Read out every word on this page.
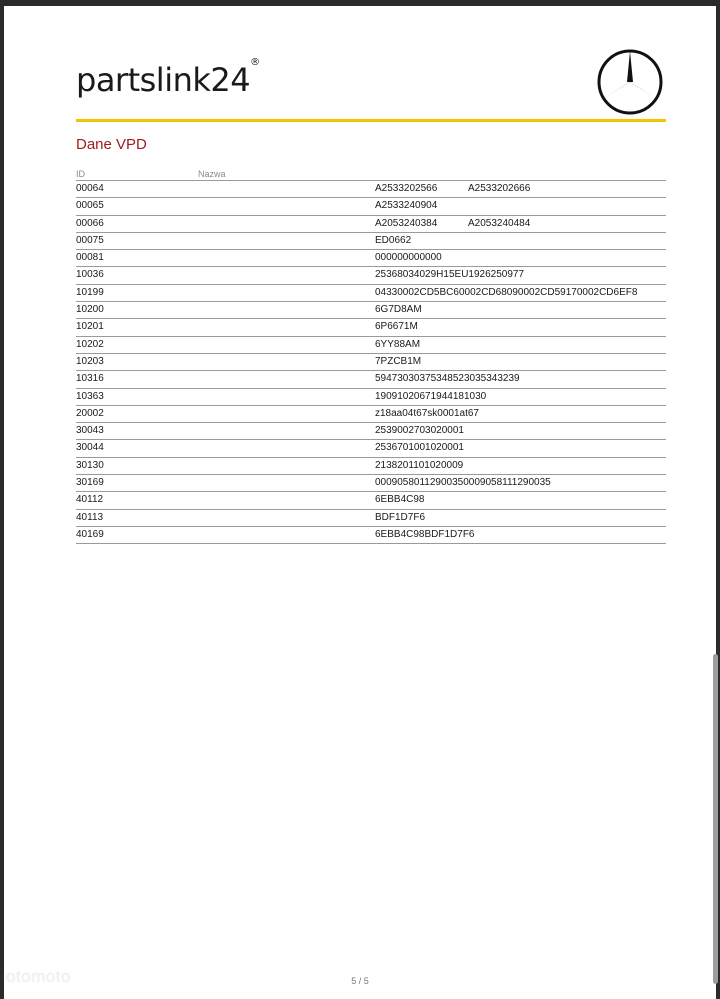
partslink24®
Dane VPD
ID	Nazwa
00064	A2533202566	A2533202666
00065	A2533240904
00066	A2053240384	A2053240484
00075	ED0662
00081	000000000000
10036	25368034029H15EU1926250977
10199	04330002CD5BC60002CD68090002CD59170002CD6EF8
10200	6G7D8AM
10201	6P6671M
10202	6YY88AM
10203	7PZCB1M
10316	5947303037534852303534323​9
10363	19091020671944181030
20002	z18aa04t67sk0001at67
30043	2539002703020001
30044	2536701001020001
30130	2138201101020009
30169	000905801129003500090581112900​35
40112	6EBB4C98
40113	BDF1D7F6
40169	6EBB4C98BDF1D7F6
5 / 5
otomoto
